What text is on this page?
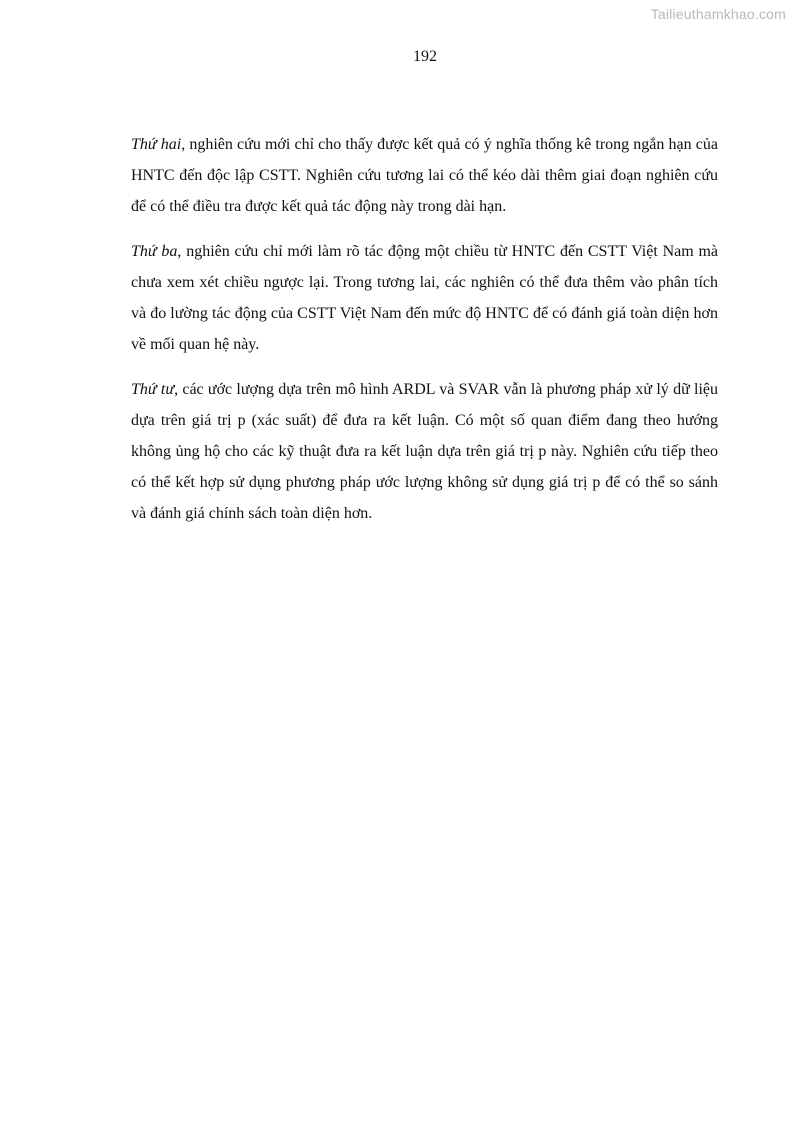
Tailieuthamkhao.com
192

Thứ hai, nghiên cứu mới chỉ cho thấy được kết quả có ý nghĩa thống kê trong ngắn hạn của HNTC đến độc lập CSTT. Nghiên cứu tương lai có thể kéo dài thêm giai đoạn nghiên cứu để có thể điều tra được kết quả tác động này trong dài hạn.

Thứ ba, nghiên cứu chỉ mới làm rõ tác động một chiều từ HNTC đến CSTT Việt Nam mà chưa xem xét chiều ngược lại. Trong tương lai, các nghiên có thể đưa thêm vào phân tích và đo lường tác động của CSTT Việt Nam đến mức độ HNTC để có đánh giá toàn diện hơn về mối quan hệ này.

Thứ tư, các ước lượng dựa trên mô hình ARDL và SVAR vẫn là phương pháp xử lý dữ liệu dựa trên giá trị p (xác suất) để đưa ra kết luận. Có một số quan điểm đang theo hướng không ủng hộ cho các kỹ thuật đưa ra kết luận dựa trên giá trị p này. Nghiên cứu tiếp theo có thể kết hợp sử dụng phương pháp ước lượng không sử dụng giá trị p để có thể so sánh và đánh giá chính sách toàn diện hơn.
